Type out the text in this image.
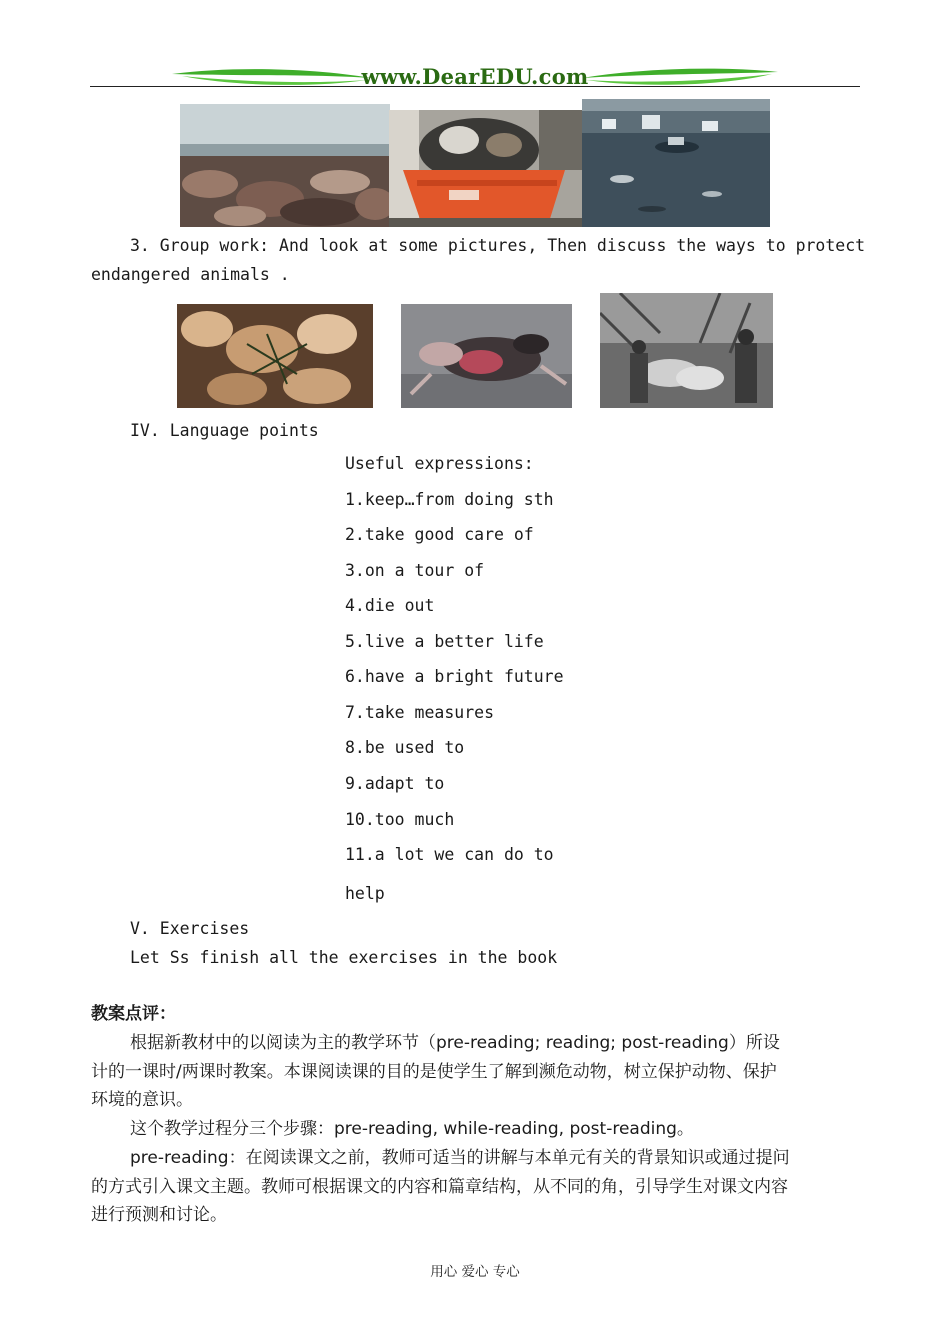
www.DearEDU.com
3. Group work: And look at some pictures, Then discuss the ways to protect
endangered animals .
IV. Language points
Useful expressions:
1.keep…from doing sth
2.take good care of
3.on a tour of
4.die out
5.live a better life
6.have a bright future
7.take measures
8.be used to
9.adapt to
10.too much
11.a lot we can do to
help
V. Exercises
Let Ss finish all the exercises in the book
教案点评：
根据新教材中的以阅读为主的教学环节（pre-reading; reading; post-reading）所设
计的一课时/两课时教案。本课阅读课的目的是使学生了解到濒危动物，树立保护动物、保护
环境的意识。
这个教学过程分三个步骤：pre-reading, while-reading, post-reading。
pre-reading：在阅读课文之前，教师可适当的讲解与本单元有关的背景知识或通过提问
的方式引入课文主题。教师可根据课文的内容和篇章结构，从不同的角，引导学生对课文内容
进行预测和讨论。
用心 爱心 专心
